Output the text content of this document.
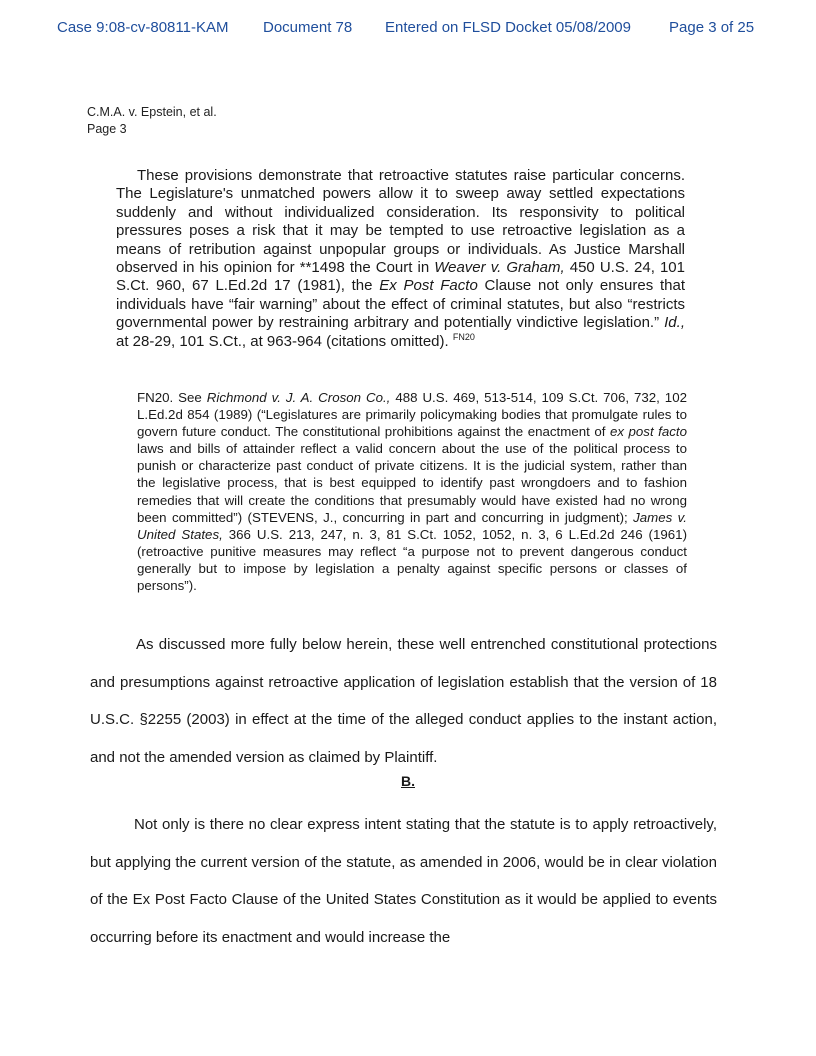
Case 9:08-cv-80811-KAM Document 78 Entered on FLSD Docket 05/08/2009	Page 3 of 25
C.M.A. v. Epstein, et al.
Page 3
These provisions demonstrate that retroactive statutes raise particular concerns. The Legislature's unmatched powers allow it to sweep away settled expectations suddenly and without individualized consideration. Its responsivity to political pressures poses a risk that it may be tempted to use retroactive legislation as a means of retribution against unpopular groups or individuals. As Justice Marshall observed in his opinion for **1498 the Court in Weaver v. Graham, 450 U.S. 24, 101 S.Ct. 960, 67 L.Ed.2d 17 (1981), the Ex Post Facto Clause not only ensures that individuals have “fair warning” about the effect of criminal statutes, but also “restricts governmental power by restraining arbitrary and potentially vindictive legislation.” Id., at 28-29, 101 S.Ct., at 963-964 (citations omitted). $^{FN20}$
FN20. See Richmond v. J. A. Croson Co., 488 U.S. 469, 513-514, 109 S.Ct. 706, 732, 102 L.Ed.2d 854 (1989) (“Legislatures are primarily policymaking bodies that promulgate rules to govern future conduct. The constitutional prohibitions against the enactment of ex post facto laws and bills of attainder reflect a valid concern about the use of the political process to punish or characterize past conduct of private citizens. It is the judicial system, rather than the legislative process, that is best equipped to identify past wrongdoers and to fashion remedies that will create the conditions that presumably would have existed had no wrong been committed”) (STEVENS, J., concurring in part and concurring in judgment); James v. United States, 366 U.S. 213, 247, n. 3, 81 S.Ct. 1052, 1052, n. 3, 6 L.Ed.2d 246 (1961) (retroactive punitive measures may reflect “a purpose not to prevent dangerous conduct generally but to impose by legislation a penalty against specific persons or classes of persons”).
As discussed more fully below herein, these well entrenched constitutional protections and presumptions against retroactive application of legislation establish that the version of 18 U.S.C. §2255 (2003) in effect at the time of the alleged conduct applies to the instant action, and not the amended version as claimed by Plaintiff.
B.
Not only is there no clear express intent stating that the statute is to apply retroactively, but applying the current version of the statute, as amended in 2006, would be in clear violation of the Ex Post Facto Clause of the United States Constitution as it would be applied to events occurring before its enactment and would increase the
